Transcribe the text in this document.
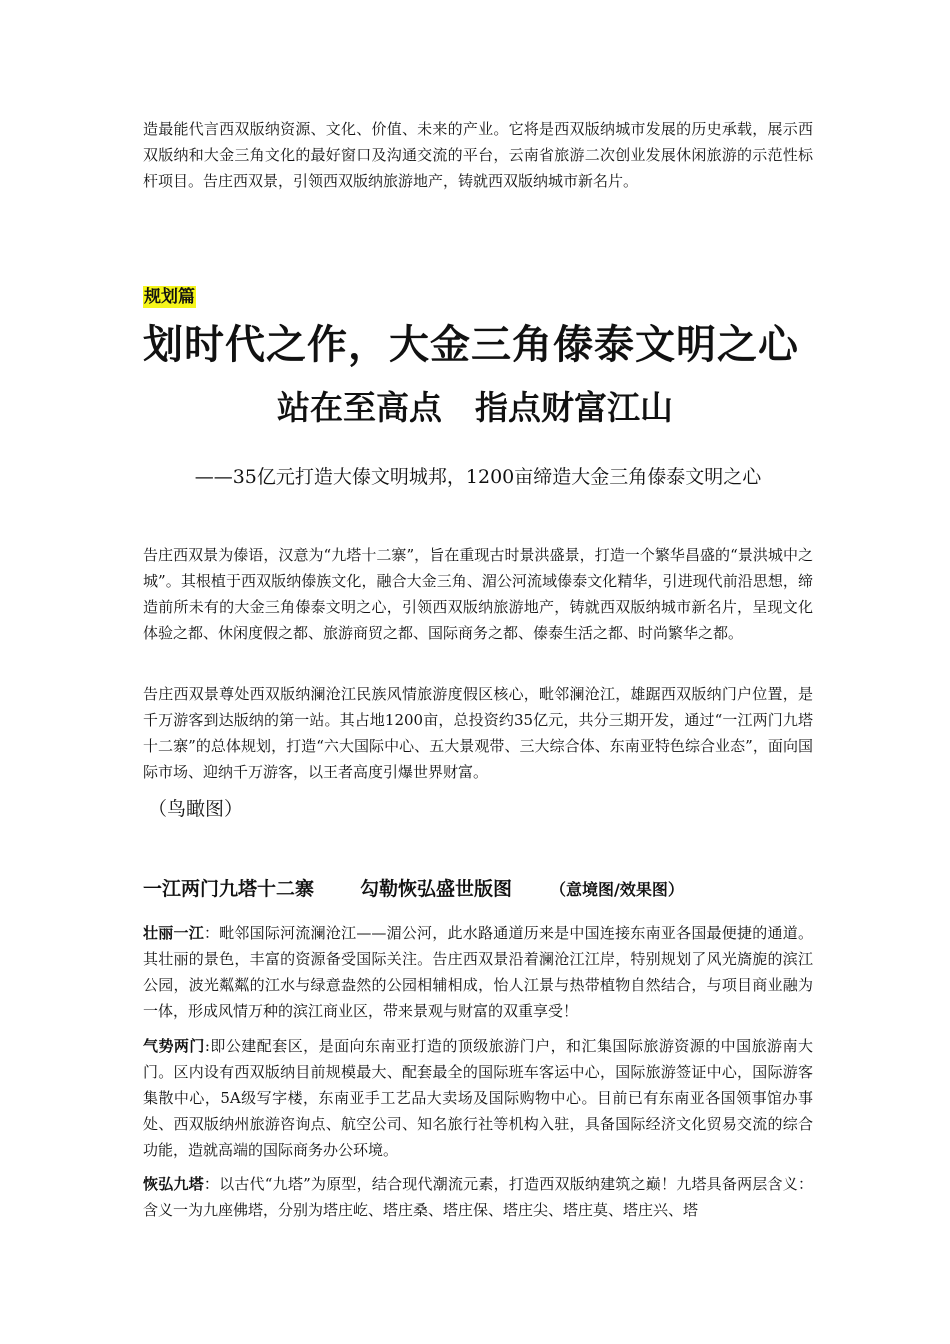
造最能代言西双版纳资源、文化、价值、未来的产业。它将是西双版纳城市发展的历史承载，展示西双版纳和大金三角文化的最好窗口及沟通交流的平台，云南省旅游二次创业发展休闲旅游的示范性标杆项目。告庄西双景，引领西双版纳旅游地产，铸就西双版纳城市新名片。

规划篇
划时代之作，大金三角傣泰文明之心
站在至高点　指点财富江山

——35亿元打造大傣文明城邦，1200亩缔造大金三角傣泰文明之心

告庄西双景为傣语，汉意为“九塔十二寨”，旨在重现古时景洪盛景，打造一个繁华昌盛的“景洪城中之城”。其根植于西双版纳傣族文化，融合大金三角、湄公河流域傣泰文化精华，引进现代前沿思想，缔造前所未有的大金三角傣泰文明之心，引领西双版纳旅游地产，铸就西双版纳城市新名片，呈现文化体验之都、休闲度假之都、旅游商贸之都、国际商务之都、傣泰生活之都、时尚繁华之都。

告庄西双景尊处西双版纳澜沧江民族风情旅游度假区核心，毗邻澜沧江，雄踞西双版纳门户位置，是千万游客到达版纳的第一站。其占地1200亩，总投资约35亿元，共分三期开发，通过“一江两门九塔十二寨”的总体规划，打造“六大国际中心、五大景观带、三大综合体、东南亚特色综合业态”，面向国际市场、迎纳千万游客，以王者高度引爆世界财富。

（鸟瞰图）
一江两门九塔十二寨 勾勒恢弘盛世版图 （意境图/效果图）

壮丽一江：毗邻国际河流澜沧江——湄公河，此水路通道历来是中国连接东南亚各国最便捷的通道。其壮丽的景色，丰富的资源备受国际关注。告庄西双景沿着澜沧江江岸，特别规划了风光旖旎的滨江公园，波光粼粼的江水与绿意盎然的公园相辅相成，怡人江景与热带植物自然结合，与项目商业融为一体，形成风情万种的滨江商业区，带来景观与财富的双重享受！

气势两门:即公建配套区，是面向东南亚打造的顶级旅游门户，和汇集国际旅游资源的中国旅游南大门。区内设有西双版纳目前规模最大、配套最全的国际班车客运中心，国际旅游签证中心，国际游客集散中心，5A级写字楼，东南亚手工艺品大卖场及国际购物中心。目前已有东南亚各国领事馆办事处、西双版纳州旅游咨询点、航空公司、知名旅行社等机构入驻，具备国际经济文化贸易交流的综合功能，造就高端的国际商务办公环境。

恢弘九塔：以古代“九塔”为原型，结合现代潮流元素，打造西双版纳建筑之巅！九塔具备两层含义：含义一为九座佛塔，分别为塔庄屹、塔庄桑、塔庄保、塔庄尖、塔庄莫、塔庄兴、塔
